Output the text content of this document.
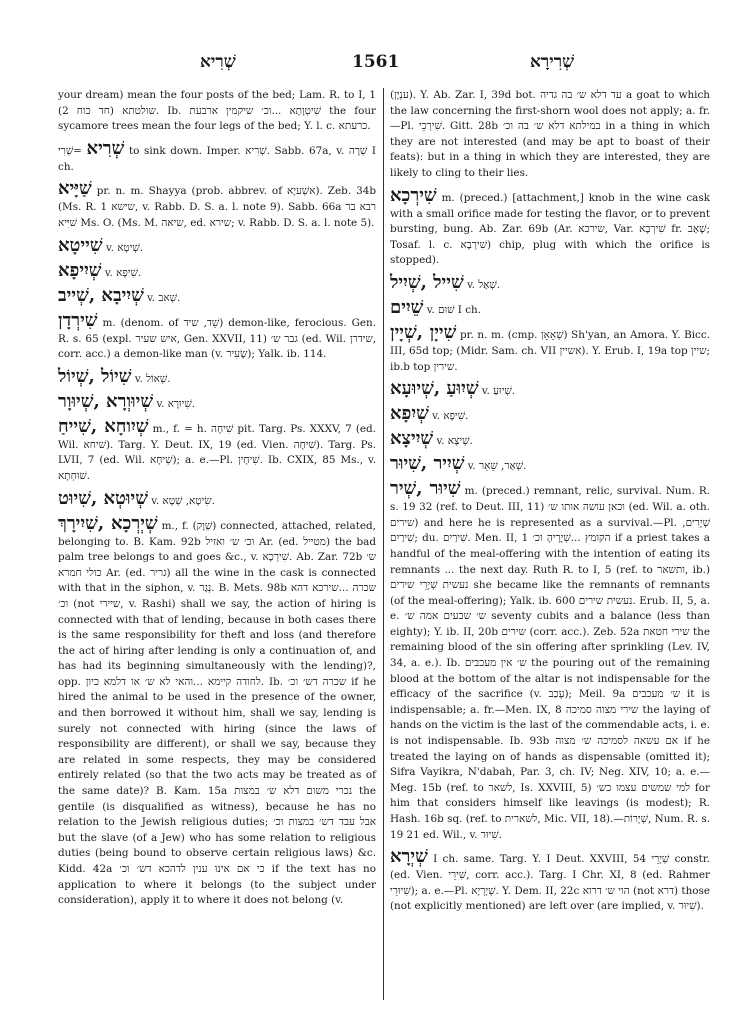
שְׁרִיא	1561	שְׁרִירָא

your dream) mean the four posts of the bed; Lam. R. to I, 1 (חד כוח 2) שולטתא. Ib. שִׁיטְוָתָא ...וכ׳ שיקמין ארבעת the four sycamore trees mean the four legs of the bed; Y. l. c. כרעתא.

שְׁרִיא =שְׁרִי to sink down. Imper. שְׁרִיא. Sabb. 67a, v. שְׁרָה I ch.

שַׁיָּיא pr. n. m. Shayya (prob. abbrev. of אשְׁעיָא). Zeb. 34b (Ms. R. 1 שישא, v. Rabb. D. S. a. l. note 9). Sabb. 66a רבא בר שׁיִּיא Ms. O. (Ms. M. שיאה, ed. שירא; v. Rabb. D. S. a. l. note 5).

שִׁייטָא v. שְׁיטָא.

שְׁיִיפָא v. שִׁיפָא.

שְׁיִיבָא ,שְׁייב v. שְׁאב.

שִׁירְדָן m. (denom. of שֵׁד, שיד) demon-like, ferocious. Gen. R. s. 65 (expl. איש שעיר, Gen. XXVII, 11) גבר ש׳ (ed. Wil. שידרן, corr. acc.) a demon-like man (v. שָׂעִיר); Yalk. ib. 114.

שִׁיוֹל ,שְׁיוֹל v. שְׁאוֹל.

שְׁיוּוְרָא ,שְׁיוּוָר v. שִׁיוּרָא.

שְׁיִוחָא ,שִׁייחַ m., f. = h. שִׁיחָה pit. Targ. Ps. XXXV, 7 (ed. Wil. שׁיחא). Targ. Y. Deut. IX, 19 (ed. Vien. שִׁיחָה). Targ. Ps. LVII, 7 (ed. Wil. שְׁיחָא); a. e.—Pl. שִׁיחָין. Ib. CXIX, 85 Ms., v. שׁוּחְתָא.

שְׁיוּטְא ,שִׁיוּט v. שִׂיטָא, שְׁטָא.

שְׁיְרְכָא ,שִׁיִירָךְ m., f. (שְׁוָק) connected, attached, related, belonging to. B. Kam. 92b וכ׳ ש׳ ואזיל Ar. (ed. מטייל) the bad palm tree belongs to and goes &c., v. שִׁירְכָא. Ab. Zar. 72b ש׳ כולי חמרא Ar. (ed. גריר) all the wine in the cask is connected with that in the siphon, v. נְגַר. B. Mets. 98b שכרה ...שירכא דהא וכ׳ (not שיירי, v. Rashi) shall we say, the action of hiring is connected with that of lending, because in both cases there is the same responsibility for theft and loss (and therefore the act of hiring after lending is only a continuation of, and has had its beginning simultaneously with the lending)?, opp. לחודה קיימא ...והאי לא ש׳ או דלמא כיון. Ib. שכרה דש׳ וכ׳ if he hired the animal to be used in the presence of the owner, and then borrowed it without him, shall we say, lending is surely not connected with hiring (since the laws of responsibility are different), or shall we say, because they are related in some respects, they may be considered entirely related (so that the two acts may be treated as of the same date)? B. Kam. 15a נכרי משום דלא ש׳ במצות the gentile (is disqualified as witness), because he has no relation to the Jewish religious duties; אבל עבד דש׳ במצות וכ׳ but the slave (of a Jew) who has some relation to religious duties (being bound to observe certain religious laws) &c. Kidd. 42a כי אם אינו ענין לדהכא דש׳ וכ׳ if the text has no application to where it belongs (to the subject under consideration), apply it to where it does not belong (v.

(ענְיָן). Y. Ab. Zar. I, 39d bot. עד דלא ש׳ בה גדיה a goat to which the law concerning the first-shorn wool does not apply; a. fr.—Pl. שִׁירְכֵי. Gitt. 28b במילתא דלא ש׳ בה וכ׳ in a thing in which they are not interested (and may be apt to boast of their feats): but in a thing in which they are interested, they are likely to cling to their lies.

שִׁירְכָא m. (preced.) [attachment,] knob in the wine cask with a small orifice made for testing the flavor, or to prevent bursting, bung. Ab. Zar. 69b (Ar. שירכא, Var. שִׁירְבָא fr. שָׁאַב; Tosaf. l. c. שִׁירְבָא) chip, plug with which the orifice is stopped).

שִׁייל ,שְׁיִיל v. שְׁאַל.

שֵׁיִים v. שׁוּם I ch.

שִׁייָן ,שְׁיָין pr. n. m. (cmp. שְׁאָאָן) Sh'yan, an Amora. Y. Bicc. III, 65d top; (Midr. Sam. ch. VII אשיין). Y. Erub. I, 19a top שיין; ib.b top שירין.

שְׁיִוּעַ ,שְׁיוּעָא v. שְׁיוּעַ.

שְׁיִפָא v. שִׁיפָא.

שְׁיִיצָא v. שְׁיצָא.

שְׁיִיר ,שִׁיוּר v. שְׁאַר, שֵׁאֵר.

שִׁיוּר ,שְׁיר m. (preced.) remnant, relic, survival. Num. R. s. 19 32 (ref. to Deut. III, 11) וכאן עושה אותו ש׳ (ed. Wil. a. oth. שירים) and here he is represented as a survival.—Pl. שְׁיָרִים, שִׁירַיִם; du. שִׁירַיִם. Men. II, 1 הקומץ ...שְׁיָרֶיהָ וכ׳ if a priest takes a handful of the meal-offering with the intention of eating its remnants ... the next day. Ruth R. to I, 5 (ref. to ותשאר, ib.) נעשית שְׁיָרֵי שירים she became like the remnants of remnants (of the meal-offering); Yalk. ib. 600 נעשית שירים. Erub. II, 5, a. e. ש׳ שבעים אמה ש׳ seventy cubits and a balance (less than eighty); Y. ib. II, 20b שירים (corr. acc.). Zeb. 52a שירי חטאת the remaining blood of the sin offering after sprinkling (Lev. IV, 34, a. e.). Ib. ש׳ אין מעכבים the pouring out of the remaining blood at the bottom of the altar is not indispensable for the efficacy of the sacrifice (v. עָכַב); Meil. 9a ש׳ מעכבים it is indispensable; a. fr.—Men. IX, 8 שירי מצוה סמיכה the laying of hands on the victim is the last of the commendable acts, i. e. is not indispensable. Ib. 93b אם עשאה לסמיכה ש׳ מצוה if he treated the laying on of hands as dispensable (omitted it); Sifra Vayikra, N'dabah, Par. 3, ch. IV; Neg. XIV, 10; a. e.—Meg. 15b (ref. to לשאר, Is. XXVIII, 5) למי שמשים עצמו כש׳ for him that considers himself like leavings (is modest); R. Hash. 16b sq. (ref. to לשארית, Mic. VII, 18).—שְׁיָרוֹת, Num. R. s. 19 21 ed. Wil., v. שִׁיוּר.

שְׁיְרָא I ch. same. Targ. Y. I Deut. XXVIII, 54 שְׁיָרֵי constr. (ed. Vien. שִׁירֵי, corr. acc.). Targ. I Chr. XI, 8 (ed. Rahmer שִׁיוּרֵי); a. e.—Pl. שְׁיָרְיָא. Y. Dem. II, 22c הוי ש׳ דרוא (not דרא) those (not explicitly mentioned) are left over (are implied, v. שִׁיוּר).
